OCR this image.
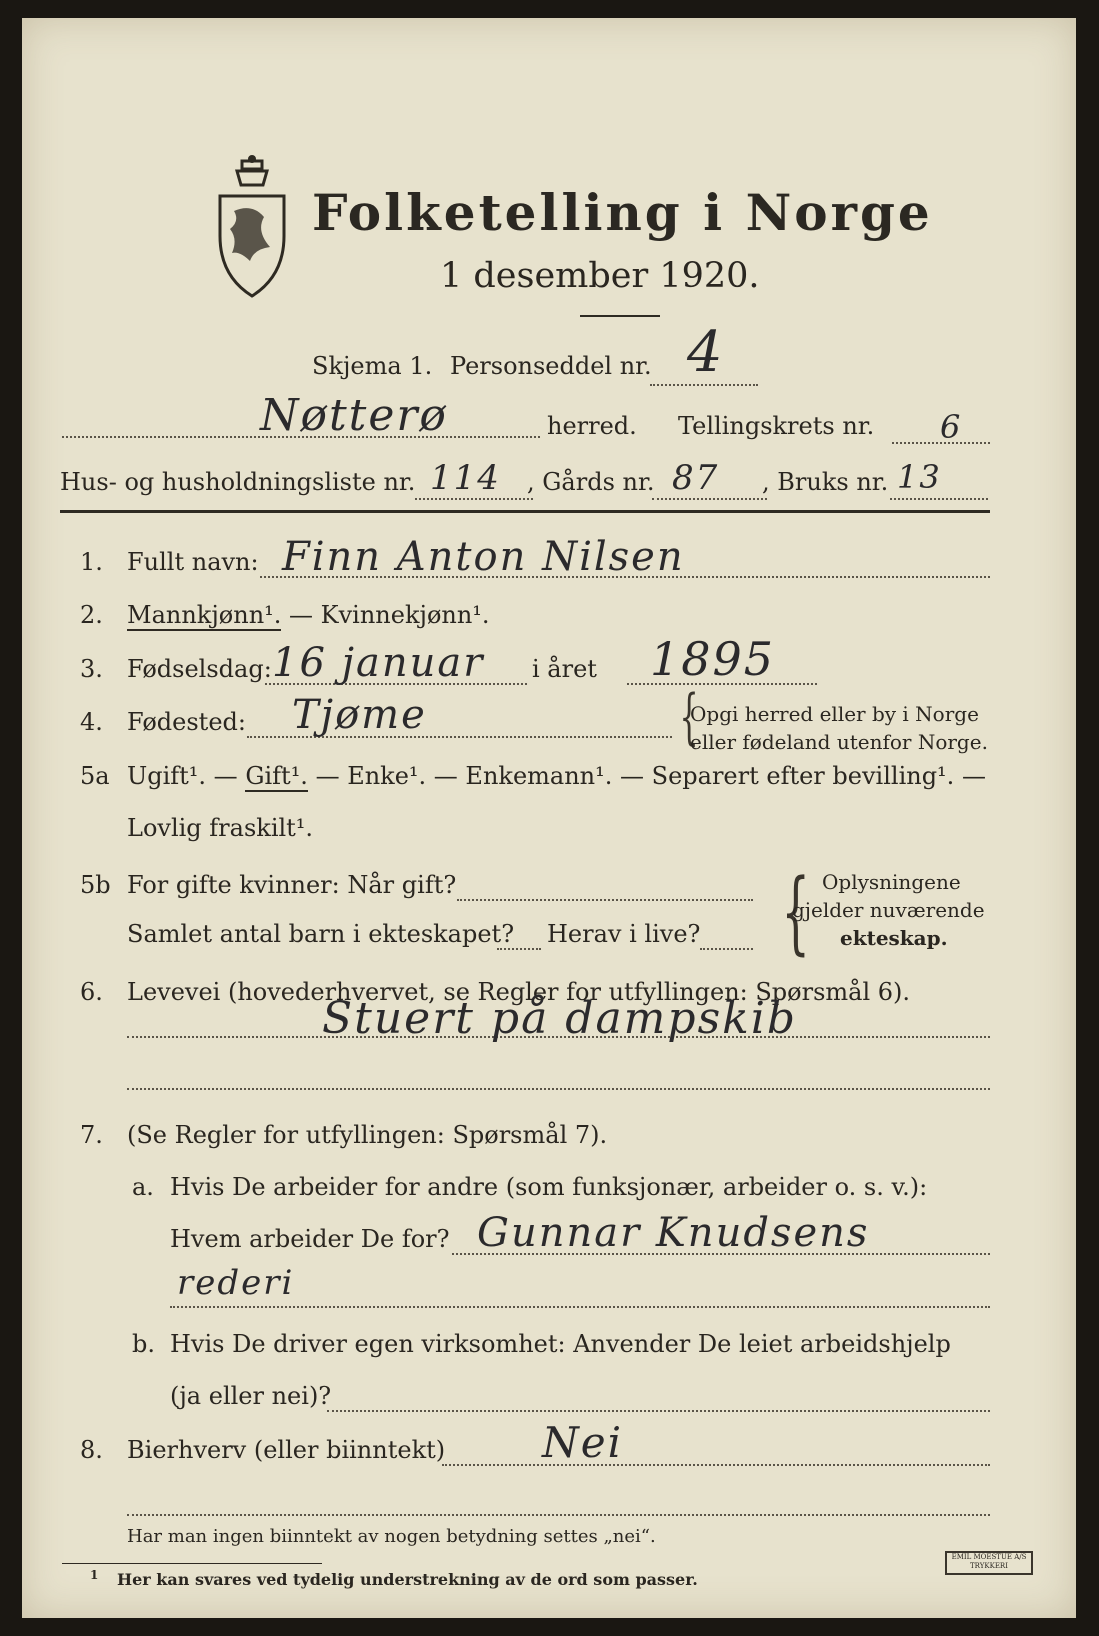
Folketelling i Norge
1 desember 1920.
Skjema 1. Personseddel nr. 4
Nøtterø	herred. Tellingskrets nr. 6
Hus- og husholdningsliste nr. 114 , Gårds nr. 87 , Bruks nr. 13
1. Fullt navn: Finn Anton Nilsen
2. Mannkjønn¹. — Kvinnekjønn¹.
3. Fødselsdag: 16 januar i året 1895
4. Fødested: Tjøme	{
Opgi herred eller by i Norge
eller fødeland utenfor Norge.
5a Ugift¹. — Gift¹. — Enke¹. — Enkemann¹. — Separert efter bevilling¹. —
Lovlig fraskilt¹.
5b For gifte kvinner: Når gift?
Samlet antal barn i ekteskapet? Herav i live? { Oplysningene
gjelder nuværende
ekteskap.
6. Levevei (hovederhvervet, se Regler for utfyllingen: Spørsmål 6).
Stuert på dampskib
7. (Se Regler for utfyllingen: Spørsmål 7).
a. Hvis De arbeider for andre (som funksjonær, arbeider o. s. v.):
Hvem arbeider De for? Gunnar Knudsens
rederi
b. Hvis De driver egen virksomhet: Anvender De leiet arbeidshjelp
(ja eller nei)?
8. Bierhverv (eller biinntekt) Nei
Har man ingen biinntekt av nogen betydning settes „nei“.
1 Her kan svares ved tydelig understrekning av de ord som passer.
EMIL MOESTUE A/S TRYKKERI
